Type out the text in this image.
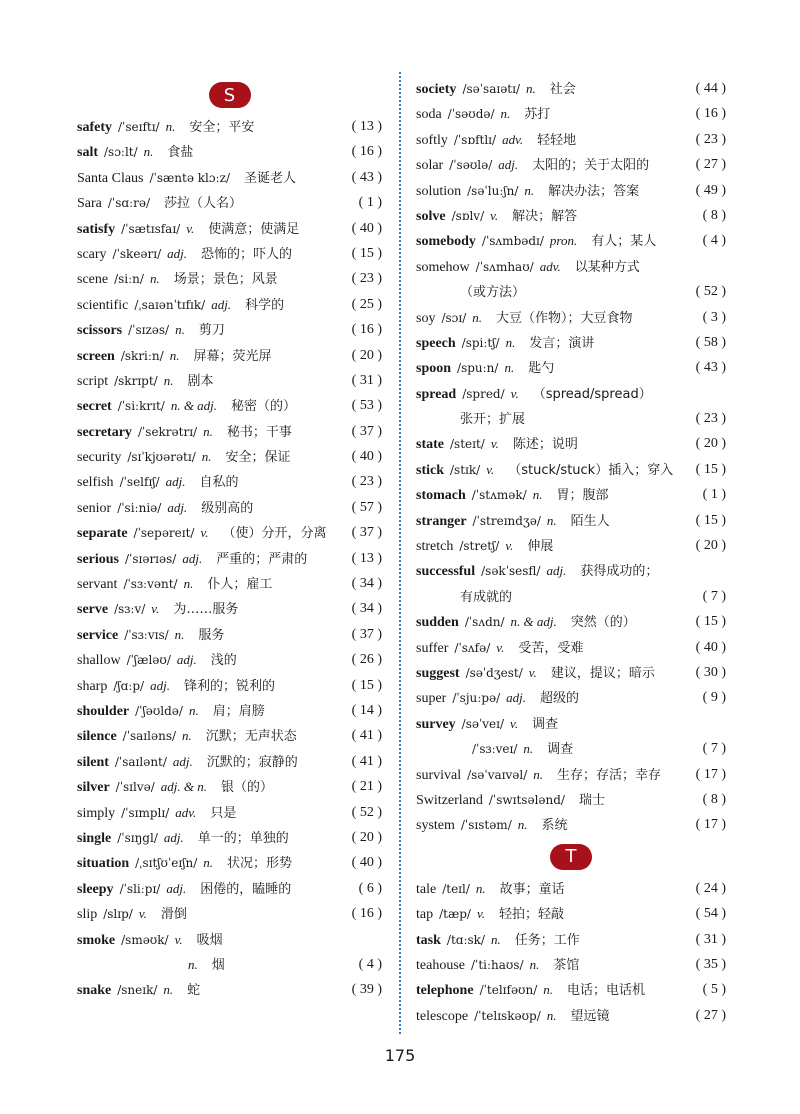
S
safety /ˈseɪftɪ/ n. 安全；平安	( 13 )
salt /sɔːlt/ n. 食盐	( 16 )
Santa Claus /ˈsæntə klɔːz/ 圣诞老人	( 43 )
Sara /ˈsɑːrə/ 莎拉（人名）	( 1 )
satisfy /ˈsætɪsfaɪ/ v. 使满意；使满足	( 40 )
scary /ˈskeərɪ/ adj. 恐怖的；吓人的	( 15 )
scene /siːn/ n. 场景；景色；风景	( 23 )
scientific /ˌsaɪənˈtɪfɪk/ adj. 科学的	( 25 )
scissors /ˈsɪzəs/ n. 剪刀	( 16 )
screen /skriːn/ n. 屏幕；荧光屏	( 20 )
script /skrɪpt/ n. 剧本	( 31 )
secret /ˈsiːkrɪt/ n. & adj. 秘密（的）	( 53 )
secretary /ˈsekrətrɪ/ n. 秘书；干事	( 37 )
security /sɪˈkjʊərətɪ/ n. 安全；保证	( 40 )
selfish /ˈselfɪʃ/ adj. 自私的	( 23 )
senior /ˈsiːniə/ adj. 级别高的	( 57 )
separate /ˈsepəreɪt/ v. （使）分开，分离 ( 37 )
serious /ˈsɪərɪəs/ adj. 严重的；严肃的	( 13 )
servant /ˈsɜːvənt/ n. 仆人；雇工	( 34 )
serve /sɜːv/ v. 为……服务	( 34 )
service /ˈsɜːvɪs/ n. 服务	( 37 )
shallow /ˈʃæləʊ/ adj. 浅的	( 26 )
sharp /ʃɑːp/ adj. 锋利的；锐利的	( 15 )
shoulder /ˈʃəʊldə/ n. 肩；肩膀	( 14 )
silence /ˈsaɪləns/ n. 沉默；无声状态	( 41 )
silent /ˈsaɪlənt/ adj. 沉默的；寂静的	( 41 )
silver /ˈsɪlvə/ adj. & n. 银（的）	( 21 )
simply /ˈsɪmplɪ/ adv. 只是	( 52 )
single /ˈsɪŋgl/ adj. 单一的；单独的	( 20 )
situation /ˌsɪtʃʊˈeɪʃn/ n. 状况；形势	( 40 )
sleepy /ˈsliːpɪ/ adj. 困倦的，瞌睡的	( 6 )
slip /slɪp/ v. 滑倒	( 16 )
smoke /sməʊk/ v. 吸烟
n. 烟	( 4 )
snake /sneɪk/ n. 蛇	( 39 )
society /səˈsaɪətɪ/ n. 社会	( 44 )
soda /ˈsəʊdə/ n. 苏打	( 16 )
softly /ˈsɒftlɪ/ adv. 轻轻地	( 23 )
solar /ˈsəʊlə/ adj. 太阳的；关于太阳的	( 27 )
solution /səˈluːʃn/ n. 解决办法；答案	( 49 )
solve /sɒlv/ v. 解决；解答	( 8 )
somebody /ˈsʌmbədɪ/ pron. 有人；某人	( 4 )
somehow /ˈsʌmhaʊ/ adv. 以某种方式
（或方法）	( 52 )
soy /sɔɪ/ n. 大豆（作物）；大豆食物	( 3 )
speech /spiːtʃ/ n. 发言；演讲	( 58 )
spoon /spuːn/ n. 匙勺	( 43 )
spread /spred/ v. （spread/spread）
张开；扩展	( 23 )
state /steɪt/ v. 陈述；说明	( 20 )
stick /stɪk/ v. （stuck/stuck）插入；穿入 ( 15 )
stomach /ˈstʌmək/ n. 胃；腹部	( 1 )
stranger /ˈstreɪndʒə/ n. 陌生人	( 15 )
stretch /stretʃ/ v. 伸展	( 20 )
successful /səkˈsesfl/ adj. 获得成功的；
有成就的	( 7 )
sudden /ˈsʌdn/ n. & adj. 突然（的）	( 15 )
suffer /ˈsʌfə/ v. 受苦，受难	( 40 )
suggest /səˈdʒest/ v. 建议，提议；暗示	( 30 )
super /ˈsjuːpə/ adj. 超级的	( 9 )
survey /səˈveɪ/ v. 调查
/ˈsɜːveɪ/ n. 调查	( 7 )
survival /səˈvaɪvəl/ n. 生存；存活；幸存 ( 17 )
Switzerland /ˈswɪtsələnd/ 瑞士	( 8 )
system /ˈsɪstəm/ n. 系统	( 17 )
T
tale /teɪl/ n. 故事；童话	( 24 )
tap /tæp/ v. 轻拍；轻敲	( 54 )
task /tɑːsk/ n. 任务；工作	( 31 )
teahouse /ˈtiːhaʊs/ n. 茶馆	( 35 )
telephone /ˈtelɪfəʊn/ n. 电话；电话机	( 5 )
telescope /ˈtelɪskəʊp/ n. 望远镜	( 27 )
175
